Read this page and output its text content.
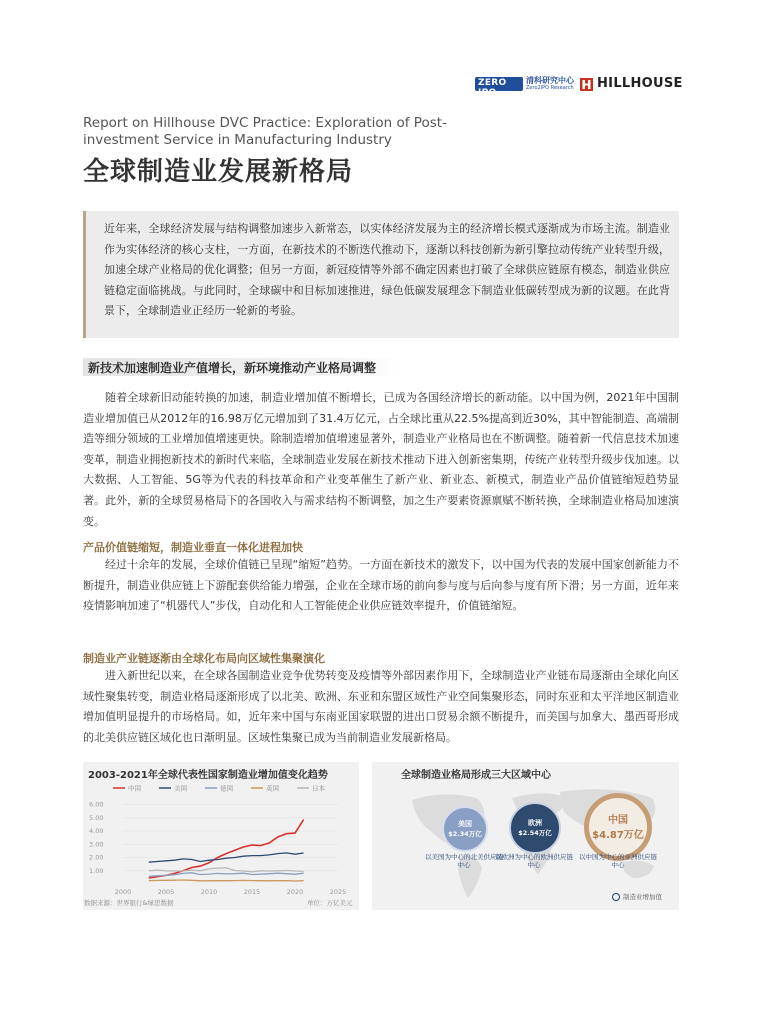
ZERO IPO
清科研究中心
Zero2IPO Research HILLHOUSE
Report on Hillhouse DVC Practice: Exploration of Post-investment Service in Manufacturing Industry
全球制造业发展新格局
近年来，全球经济发展与结构调整加速步入新常态，以实体经济发展为主的经济增长模式逐渐成为市场主流。制造业作为实体经济的核心支柱，一方面，在新技术的不断迭代推动下，逐渐以科技创新为新引擎拉动传统产业转型升级，加速全球产业格局的优化调整；但另一方面，新冠疫情等外部不确定因素也打破了全球供应链原有模态，制造业供应链稳定面临挑战。与此同时，全球碳中和目标加速推进，绿色低碳发展理念下制造业低碳转型成为新的议题。在此背景下，全球制造业正经历一轮新的考验。
新技术加速制造业产值增长，新环境推动产业格局调整
随着全球新旧动能转换的加速，制造业增加值不断增长，已成为各国经济增长的新动能。以中国为例，2021年中国制造业增加值已从2012年的16.98万亿元增加到了31.4万亿元，占全球比重从22.5%提高到近30%，其中智能制造、高端制造等细分领域的工业增加值增速更快。除制造增加值增速显著外，制造业产业格局也在不断调整。随着新一代信息技术加速变革，制造业拥抱新技术的新时代来临，全球制造业发展在新技术推动下进入创新密集期，传统产业转型升级步伐加速。以大数据、人工智能、5G等为代表的科技革命和产业变革催生了新产业、新业态、新模式，制造业产品价值链缩短趋势显著。此外，新的全球贸易格局下的各国收入与需求结构不断调整，加之生产要素资源禀赋不断转换，全球制造业格局加速演变。
产品价值链缩短，制造业垂直一体化进程加快
经过十余年的发展，全球价值链已呈现“缩短”趋势。一方面在新技术的激发下，以中国为代表的发展中国家创新能力不断提升，制造业供应链上下游配套供给能力增强，企业在全球市场的前向参与度与后向参与度有所下滑；另一方面，近年来疫情影响加速了“机器代人”步伐，自动化和人工智能使企业供应链效率提升，价值链缩短。
制造业产业链逐渐由全球化布局向区域性集聚演化
进入新世纪以来，在全球各国制造业竞争优势转变及疫情等外部因素作用下，全球制造业产业链布局逐渐由全球化向区域性聚集转变，制造业格局逐渐形成了以北美、欧洲、东亚和东盟区域性产业空间集聚形态，同时东亚和太平洋地区制造业增加值明显提升的市场格局。如，近年来中国与东南亚国家联盟的进出口贸易余额不断提升，而美国与加拿大、墨西哥形成的北美供应链区域化也日渐明显。区域性集聚已成为当前制造业发展新格局。
2003-2021年全球代表性国家制造业增加值变化趋势
中国	美国	德国	英国	日本
6.00
5.00
4.00
3.00
2.00
1.00
2000	2005	2010	2015	2020	2025
数据来源：世界银行&绿思数据	单位：万亿美元
全球制造业格局形成三大区域中心
美国
$2.34万亿
以美国为中心的北美供应链中心
欧洲
$2.54万亿
以欧洲为中心的欧洲供应链中心
中国
$4.87万亿
以中国为中心的亚洲供应链中心
制造业增加值
